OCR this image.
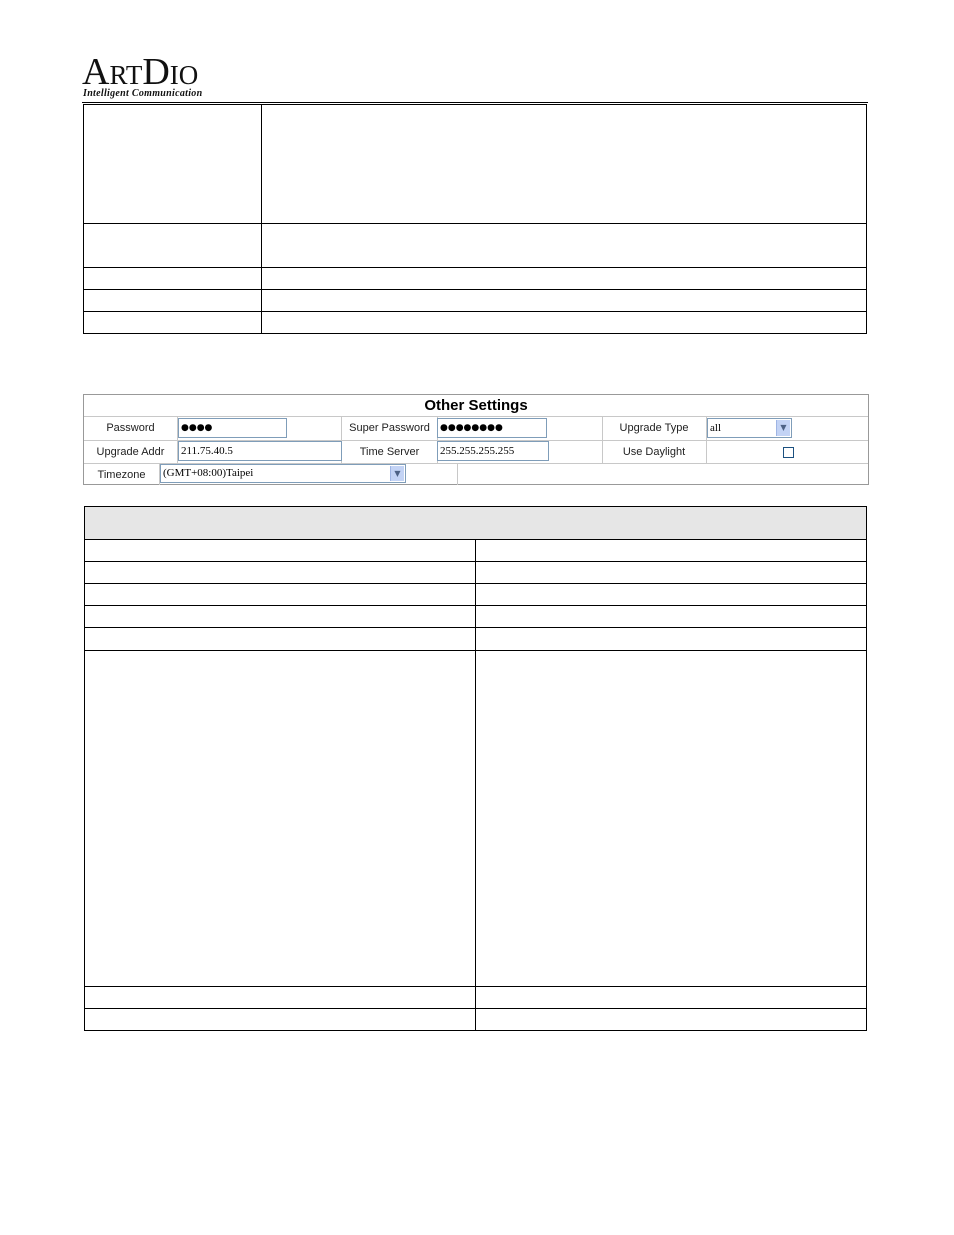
ARTDIO
Intelligent Communication

Other Settings
Password	●●●●	Super Password	●●●●●●●●	Upgrade Type	all	▼
Upgrade Addr	211.75.40.5	Time Server	255.255.255.255	Use Daylight
Timezone	(GMT+08:00)Taipei	▼
